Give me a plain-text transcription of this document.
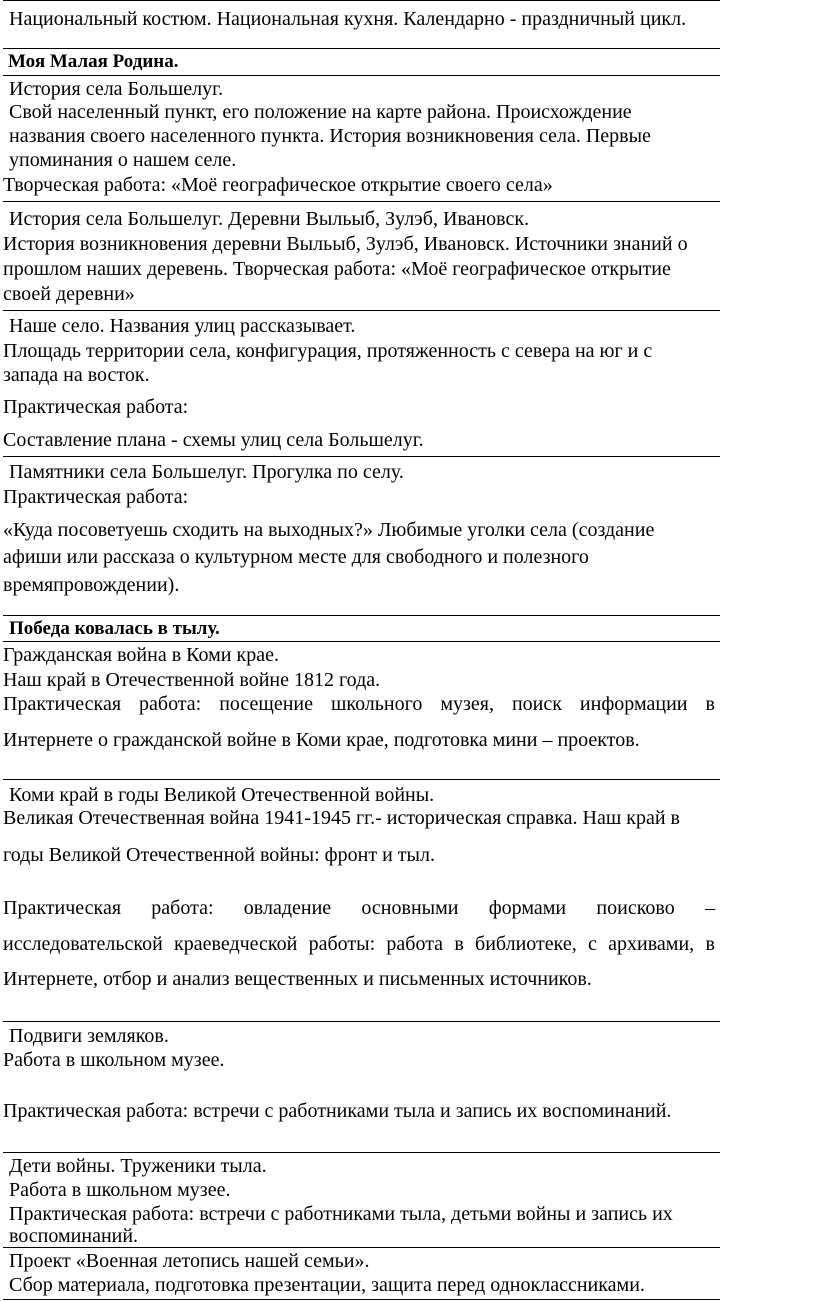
Национальный костюм. Национальная кухня. Календарно - праздничный цикл.
Моя Малая Родина.
История села Большелуг.
Свой населенный пункт, его положение на карте района. Происхождение
названия своего населенного пункта. История возникновения села. Первые
упоминания о нашем селе.
Творческая работа: «Моё географическое открытие своего села»
История села Большелуг. Деревни Выльыб, Зулэб, Ивановск.
История возникновения деревни Выльыб, Зулэб, Ивановск. Источники знаний о
прошлом наших деревень. Творческая работа: «Моё географическое открытие
своей деревни»
Наше село. Названия улиц рассказывает.
Площадь территории села, конфигурация, протяженность с севера на юг и с
запада на восток.
Практическая работа:
Составление плана - схемы улиц села Большелуг.
Памятники села Большелуг. Прогулка по селу.
Практическая работа:
«Куда посоветуешь сходить на выходных?» Любимые уголки села (создание
афиши или рассказа о культурном месте для свободного и полезного
времяпровождении).
Победа ковалась в тылу.
Гражданская война в Коми крае.
Наш край в Отечественной войне 1812 года.
Практическая работа: посещение школьного музея, поиск информации в
Интернете о гражданской войне в Коми крае, подготовка мини – проектов.
Коми край в годы Великой Отечественной войны.
Великая Отечественная война 1941-1945 гг.- историческая справка. Наш край в
годы Великой Отечественной войны: фронт и тыл.
Практическая работа: овладение основными формами поисково –
исследовательской краеведческой работы: работа в библиотеке, с архивами, в
Интернете, отбор и анализ вещественных и письменных источников.
Подвиги земляков.
Работа в школьном музее.
Практическая работа: встречи с работниками тыла и запись их воспоминаний.
Дети войны. Труженики тыла.
Работа в школьном музее.
Практическая работа: встречи с работниками тыла, детьми войны и запись их
воспоминаний.
Проект «Военная летопись нашей семьи».
Сбор материала, подготовка презентации, защита перед одноклассниками.
